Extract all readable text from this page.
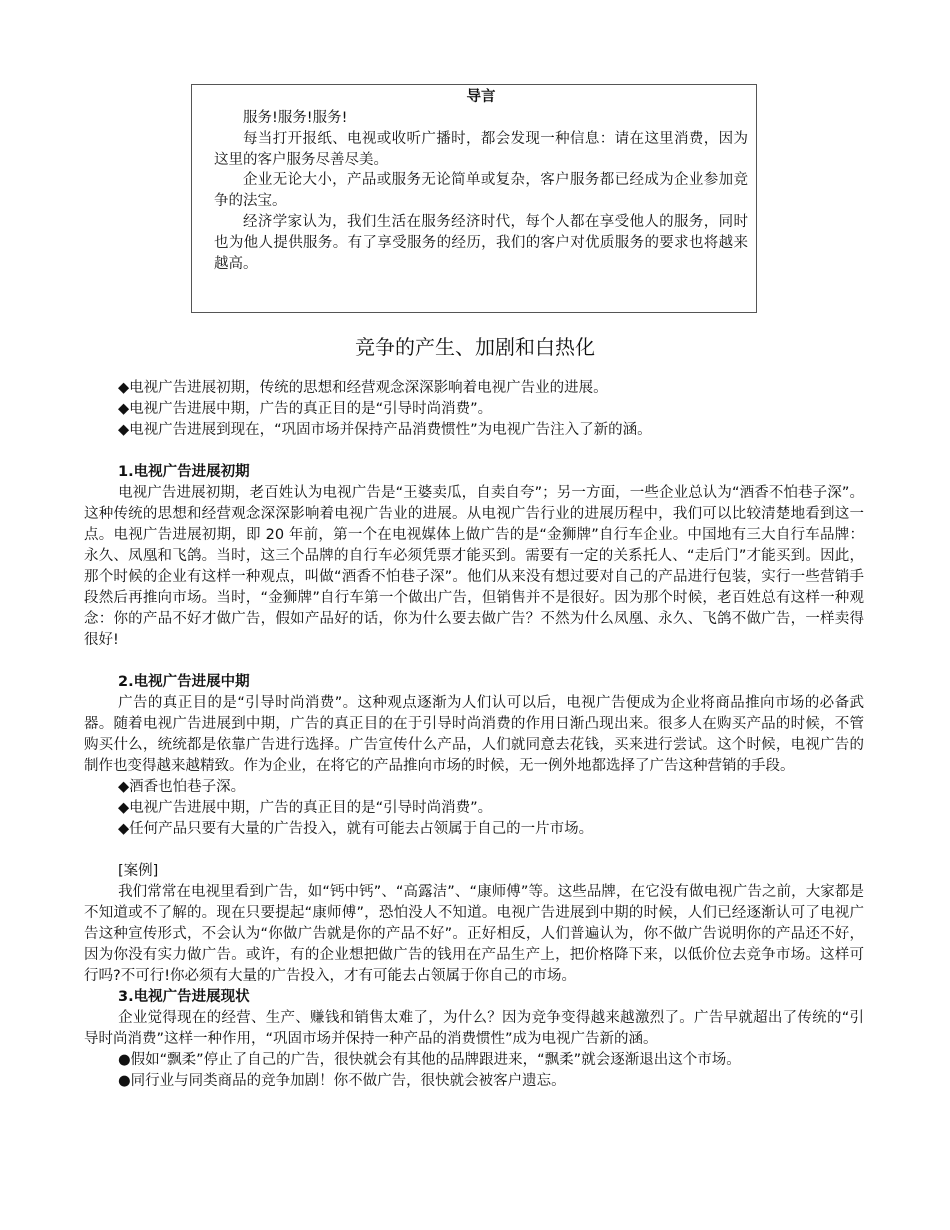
导言

服务!服务!服务!

每当打开报纸、电视或收听广播时，都会发现一种信息：请在这里消费，因为这里的客户服务尽善尽美。

企业无论大小，产品或服务无论简单或复杂，客户服务都已经成为企业参加竞争的法宝。

经济学家认为，我们生活在服务经济时代，每个人都在享受他人的服务，同时也为他人提供服务。有了享受服务的经历，我们的客户对优质服务的要求也将越来越高。

竞争的产生、加剧和白热化

◆电视广告进展初期，传统的思想和经营观念深深影响着电视广告业的进展。

◆电视广告进展中期，广告的真正目的是“引导时尚消费”。

◆电视广告进展到现在，“巩固市场并保持产品消费惯性”为电视广告注入了新的涵。

1.电视广告进展初期

电视广告进展初期，老百姓认为电视广告是“王婆卖瓜，自卖自夸”；另一方面，一些企业总认为“酒香不怕巷子深”。这种传统的思想和经营观念深深影响着电视广告业的进展。从电视广告行业的进展历程中，我们可以比较清楚地看到这一点。电视广告进展初期，即 20 年前，第一个在电视媒体上做广告的是“金狮牌”自行车企业。中国地有三大自行车品牌：永久、凤凰和飞鸽。当时，这三个品牌的自行车必须凭票才能买到。需要有一定的关系托人、“走后门”才能买到。因此，那个时候的企业有这样一种观点，叫做“酒香不怕巷子深”。他们从来没有想过要对自己的产品进行包装，实行一些营销手段然后再推向市场。当时，“金狮牌”自行车第一个做出广告，但销售并不是很好。因为那个时候，老百姓总有这样一种观念：你的产品不好才做广告，假如产品好的话，你为什么要去做广告？不然为什么凤凰、永久、飞鸽不做广告，一样卖得很好!

2.电视广告进展中期

广告的真正目的是“引导时尚消费”。这种观点逐渐为人们认可以后，电视广告便成为企业将商品推向市场的必备武器。随着电视广告进展到中期，广告的真正目的在于引导时尚消费的作用日渐凸现出来。很多人在购买产品的时候，不管购买什么，统统都是依靠广告进行选择。广告宣传什么产品，人们就同意去花钱，买来进行尝试。这个时候，电视广告的制作也变得越来越精致。作为企业，在将它的产品推向市场的时候，无一例外地都选择了广告这种营销的手段。

◆酒香也怕巷子深。

◆电视广告进展中期，广告的真正目的是“引导时尚消费”。

◆任何产品只要有大量的广告投入，就有可能去占领属于自己的一片市场。

[案例]

我们常常在电视里看到广告，如“钙中钙”、“高露洁”、“康师傅”等。这些品牌，在它没有做电视广告之前，大家都是不知道或不了解的。现在只要提起“康师傅”，恐怕没人不知道。电视广告进展到中期的时候，人们已经逐渐认可了电视广告这种宣传形式，不会认为“你做广告就是你的产品不好”。正好相反，人们普遍认为，你不做广告说明你的产品还不好，因为你没有实力做广告。或许，有的企业想把做广告的钱用在产品生产上，把价格降下来，以低价位去竞争市场。这样可行吗?不可行!你必须有大量的广告投入，才有可能去占领属于你自己的市场。

3.电视广告进展现状

企业觉得现在的经营、生产、赚钱和销售太难了，为什么？因为竞争变得越来越激烈了。广告早就超出了传统的“引导时尚消费”这样一种作用，“巩固市场并保持一种产品的消费惯性”成为电视广告新的涵。

●假如“飘柔”停止了自己的广告，很快就会有其他的品牌跟进来，“飘柔”就会逐渐退出这个市场。

●同行业与同类商品的竞争加剧！你不做广告，很快就会被客户遗忘。
